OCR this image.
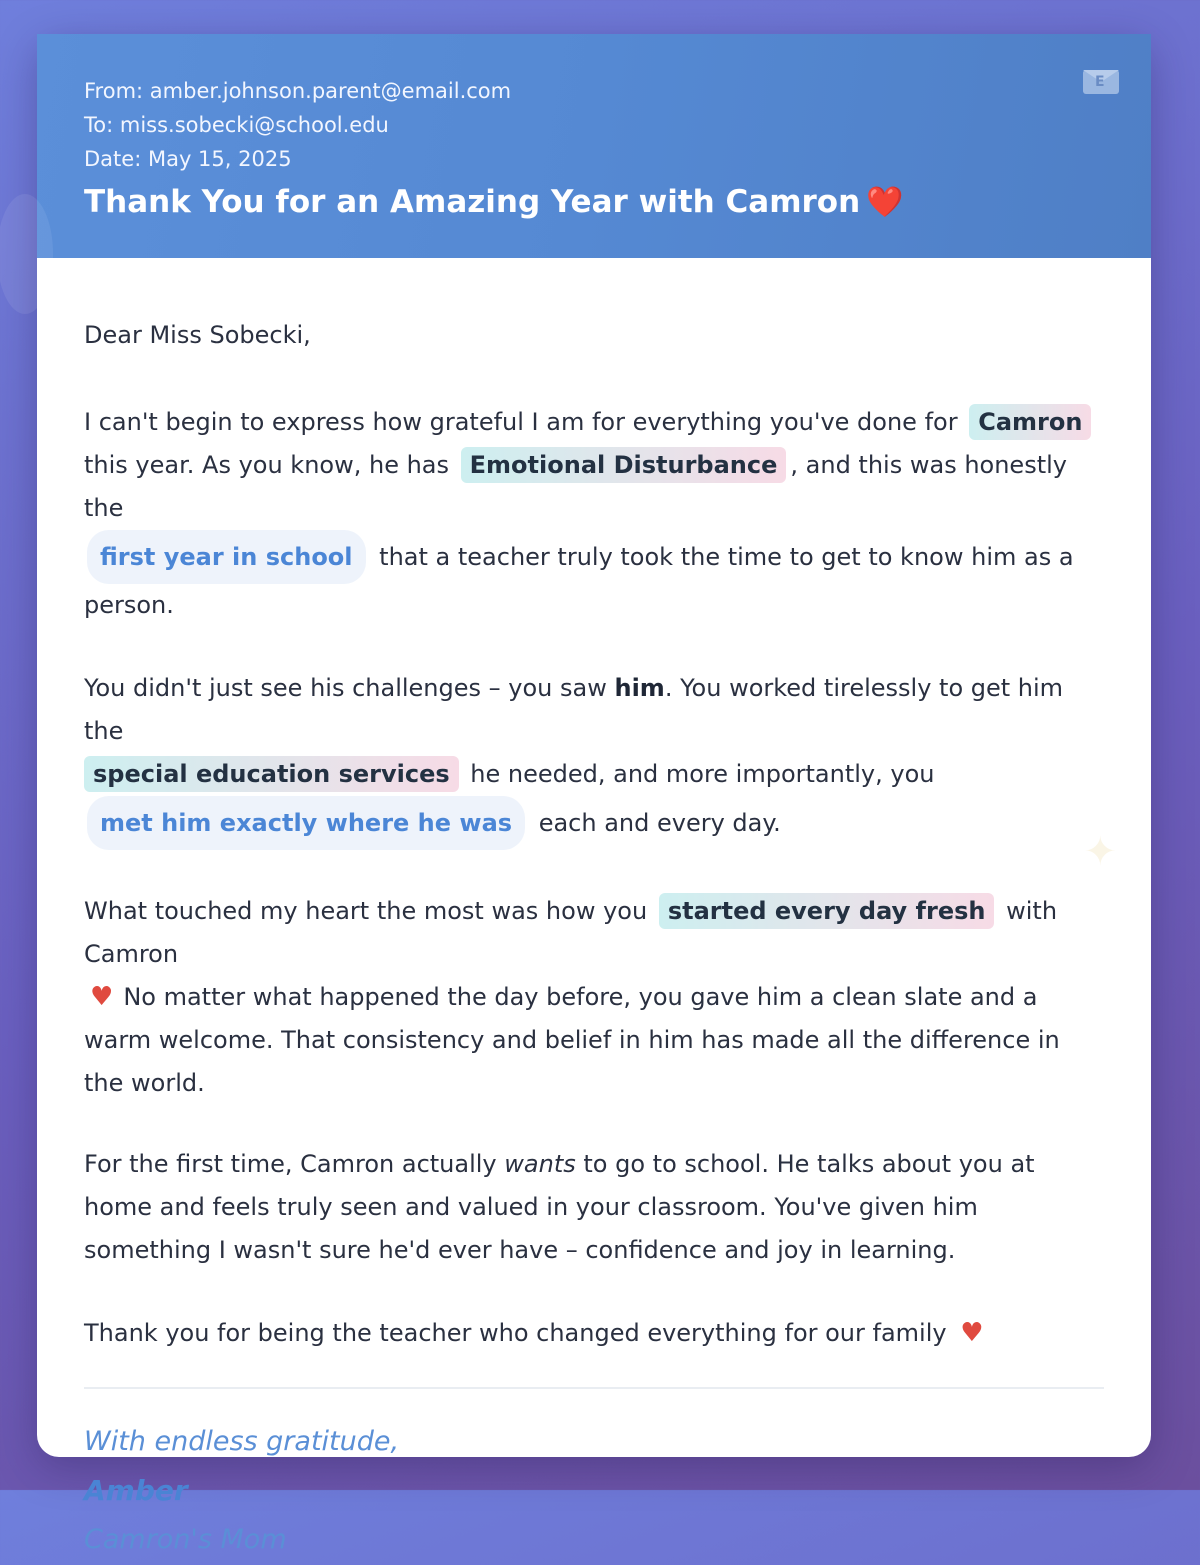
From: amber.johnson.parent@email.com
To: miss.sobecki@school.edu
Date: May 15, 2025
Thank You for an Amazing Year with Camron ❤️
E
Dear Miss Sobecki,
I can't begin to express how grateful I am for everything you've done for Camron this year. As you know, he has Emotional Disturbance , and this was honestly the
first year in school that a teacher truly took the time to get to know him as a person.
You didn't just see his challenges – you saw him. You worked tirelessly to get him the
special education services he needed, and more importantly, you
met him exactly where he was each and every day.
What touched my heart the most was how you started every day fresh with Camron
♥ No matter what happened the day before, you gave him a clean slate and a warm welcome. That consistency and belief in him has made all the difference in the world.
For the first time, Camron actually wants to go to school. He talks about you at home and feels truly seen and valued in your classroom. You've given him something I wasn't sure he'd ever have – confidence and joy in learning.
Thank you for being the teacher who changed everything for our family ♥
With endless gratitude,
Amber
Camron's Mom
✦
